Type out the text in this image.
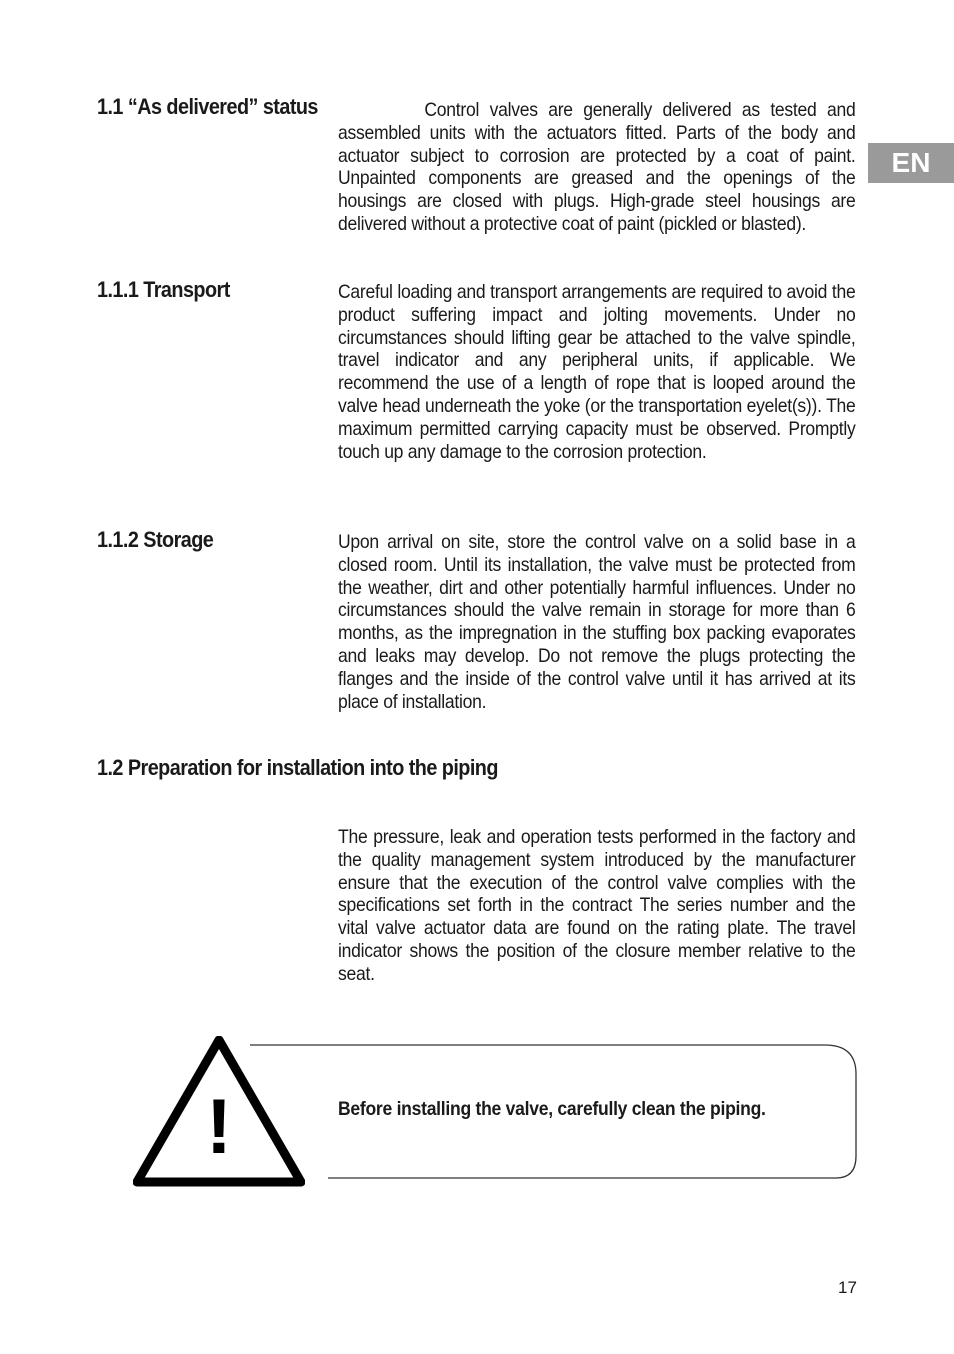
EN
1.1 “As delivered” status	Control valves are generally delivered as tested and assembled units with the actuators fitted. Parts of the body and actuator subject to corrosion are protected by a coat of paint. Unpainted components are greased and the openings of the housings are closed with plugs. High-grade steel housings are delivered without a protective coat of paint (pickled or blasted).

1.1.1 Transport	Careful loading and transport arrangements are required to avoid the product suffering impact and jolting movements. Under no circumstances should lifting gear be attached to the valve spindle, travel indicator and any peripheral units, if applicable. We recommend the use of a length of rope that is looped around the valve head underneath the yoke (or the transportation eyelet(s)). The maximum permitted carrying capacity must be observed. Promptly touch up any damage to the corrosion protection.

1.1.2 Storage	Upon arrival on site, store the control valve on a solid base in a closed room. Until its installation, the valve must be protected from the weather, dirt and other potentially harmful influences. Under no circumstances should the valve remain in storage for more than 6 months, as the impregnation in the stuffing box packing evaporates and leaks may develop. Do not remove the plugs protecting the flanges and the inside of the control valve until it has arrived at its place of installation.

1.2 Preparation for installation into the piping

The pressure, leak and operation tests performed in the factory and the quality management system introduced by the manufacturer ensure that the execution of the control valve complies with the specifications set forth in the contract The series number and the vital valve actuator data are found on the rating plate. The travel indicator shows the position of the closure member relative to the seat.

!	Before installing the valve, carefully clean the piping.

17
